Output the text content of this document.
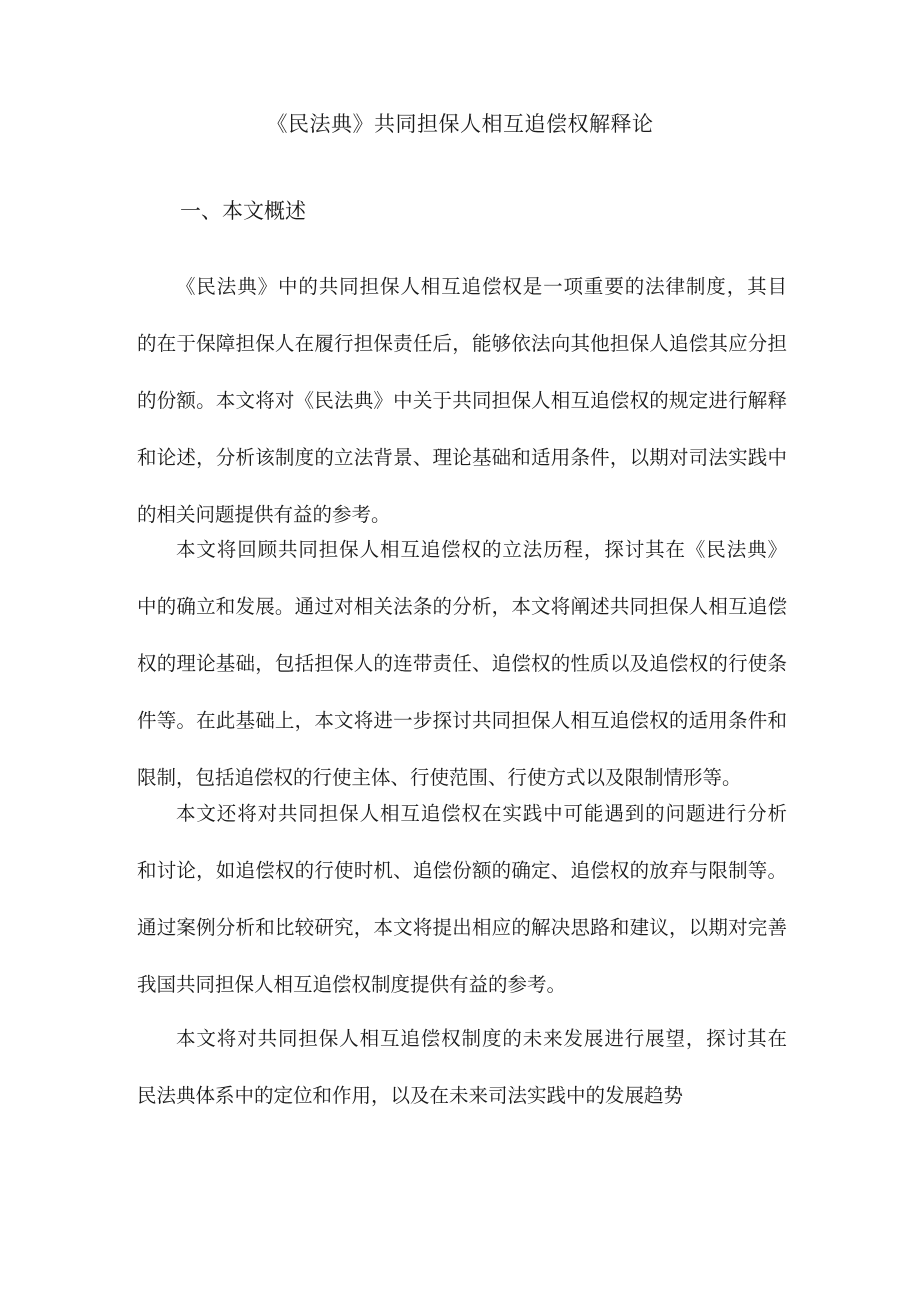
《民法典》共同担保人相互追偿权解释论
一、本文概述
《民法典》中的共同担保人相互追偿权是一项重要的法律制度，其目
的在于保障担保人在履行担保责任后，能够依法向其他担保人追偿其应分担
的份额。本文将对《民法典》中关于共同担保人相互追偿权的规定进行解释
和论述，分析该制度的立法背景、理论基础和适用条件，以期对司法实践中
的相关问题提供有益的参考。
本文将回顾共同担保人相互追偿权的立法历程，探讨其在《民法典》
中的确立和发展。通过对相关法条的分析，本文将阐述共同担保人相互追偿
权的理论基础，包括担保人的连带责任、追偿权的性质以及追偿权的行使条
件等。在此基础上，本文将进一步探讨共同担保人相互追偿权的适用条件和
限制，包括追偿权的行使主体、行使范围、行使方式以及限制情形等。
本文还将对共同担保人相互追偿权在实践中可能遇到的问题进行分析
和讨论，如追偿权的行使时机、追偿份额的确定、追偿权的放弃与限制等。
通过案例分析和比较研究，本文将提出相应的解决思路和建议，以期对完善
我国共同担保人相互追偿权制度提供有益的参考。
本文将对共同担保人相互追偿权制度的未来发展进行展望，探讨其在
民法典体系中的定位和作用，以及在未来司法实践中的发展趋势
